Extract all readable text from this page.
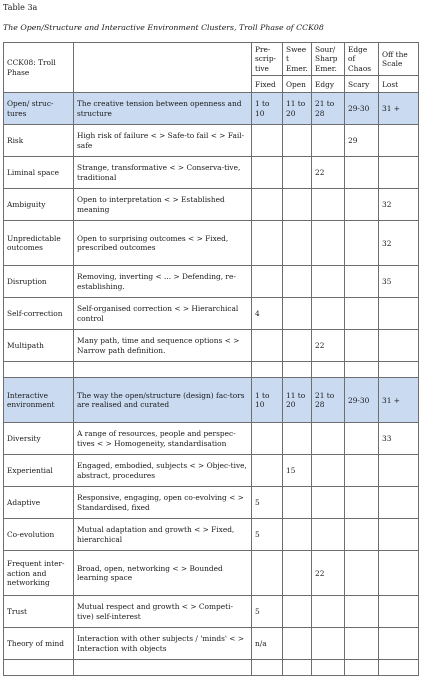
Table 3a
The Open/Structure and Interactive Environment Clusters, Troll Phase of CCK08
CCK08: Troll Phase		Pre-scrip-tive	Sweet Emer.	Sour/ Sharp Emer.	Edge of Chaos	Off the Scale
		Fixed	Open	Edgy	Scary	Lost
Open/ struc-tures	The creative tension between openness and structure	1 to 10	11 to 20	21 to 28	29-30	31 +
Risk	High risk of failure < > Safe-to fail < > Fail-safe				29	
Liminal space	Strange, transformative < > Conserva-tive, traditional			22		
Ambiguity	Open to interpretation < > Established meaning					32
Unpredictable outcomes	Open to surprising outcomes < > Fixed, prescribed outcomes					32
Disruption	Removing, inverting < ... > Defending, re-establishing.					35
Self-correction	Self-organised correction < > Hierarchical control	4				
Multipath	Many path, time and sequence options < > Narrow path definition.			22		

Interactive environment	The way the open/structure (design) fac-tors are realised and curated	1 to 10	11 to 20	21 to 28	29-30	31 +
Diversity	A range of resources, people and perspec-tives < > Homogeneity, standardisation					33
Experiential	Engaged, embodied, subjects < > Objec-tive, abstract, procedures		15			
Adaptive	Responsive, engaging, open co-evolving < > Standardised, fixed	5				
Co-evolution	Mutual adaptation and growth < > Fixed, hierarchical	5				
Frequent inter-action and networking	Broad, open, networking < > Bounded learning space			22		
Trust	Mutual respect and growth < > Competi-tive) self-interest	5				
Theory of mind	Interaction with other subjects / 'minds' < > Interaction with objects	n/a				
